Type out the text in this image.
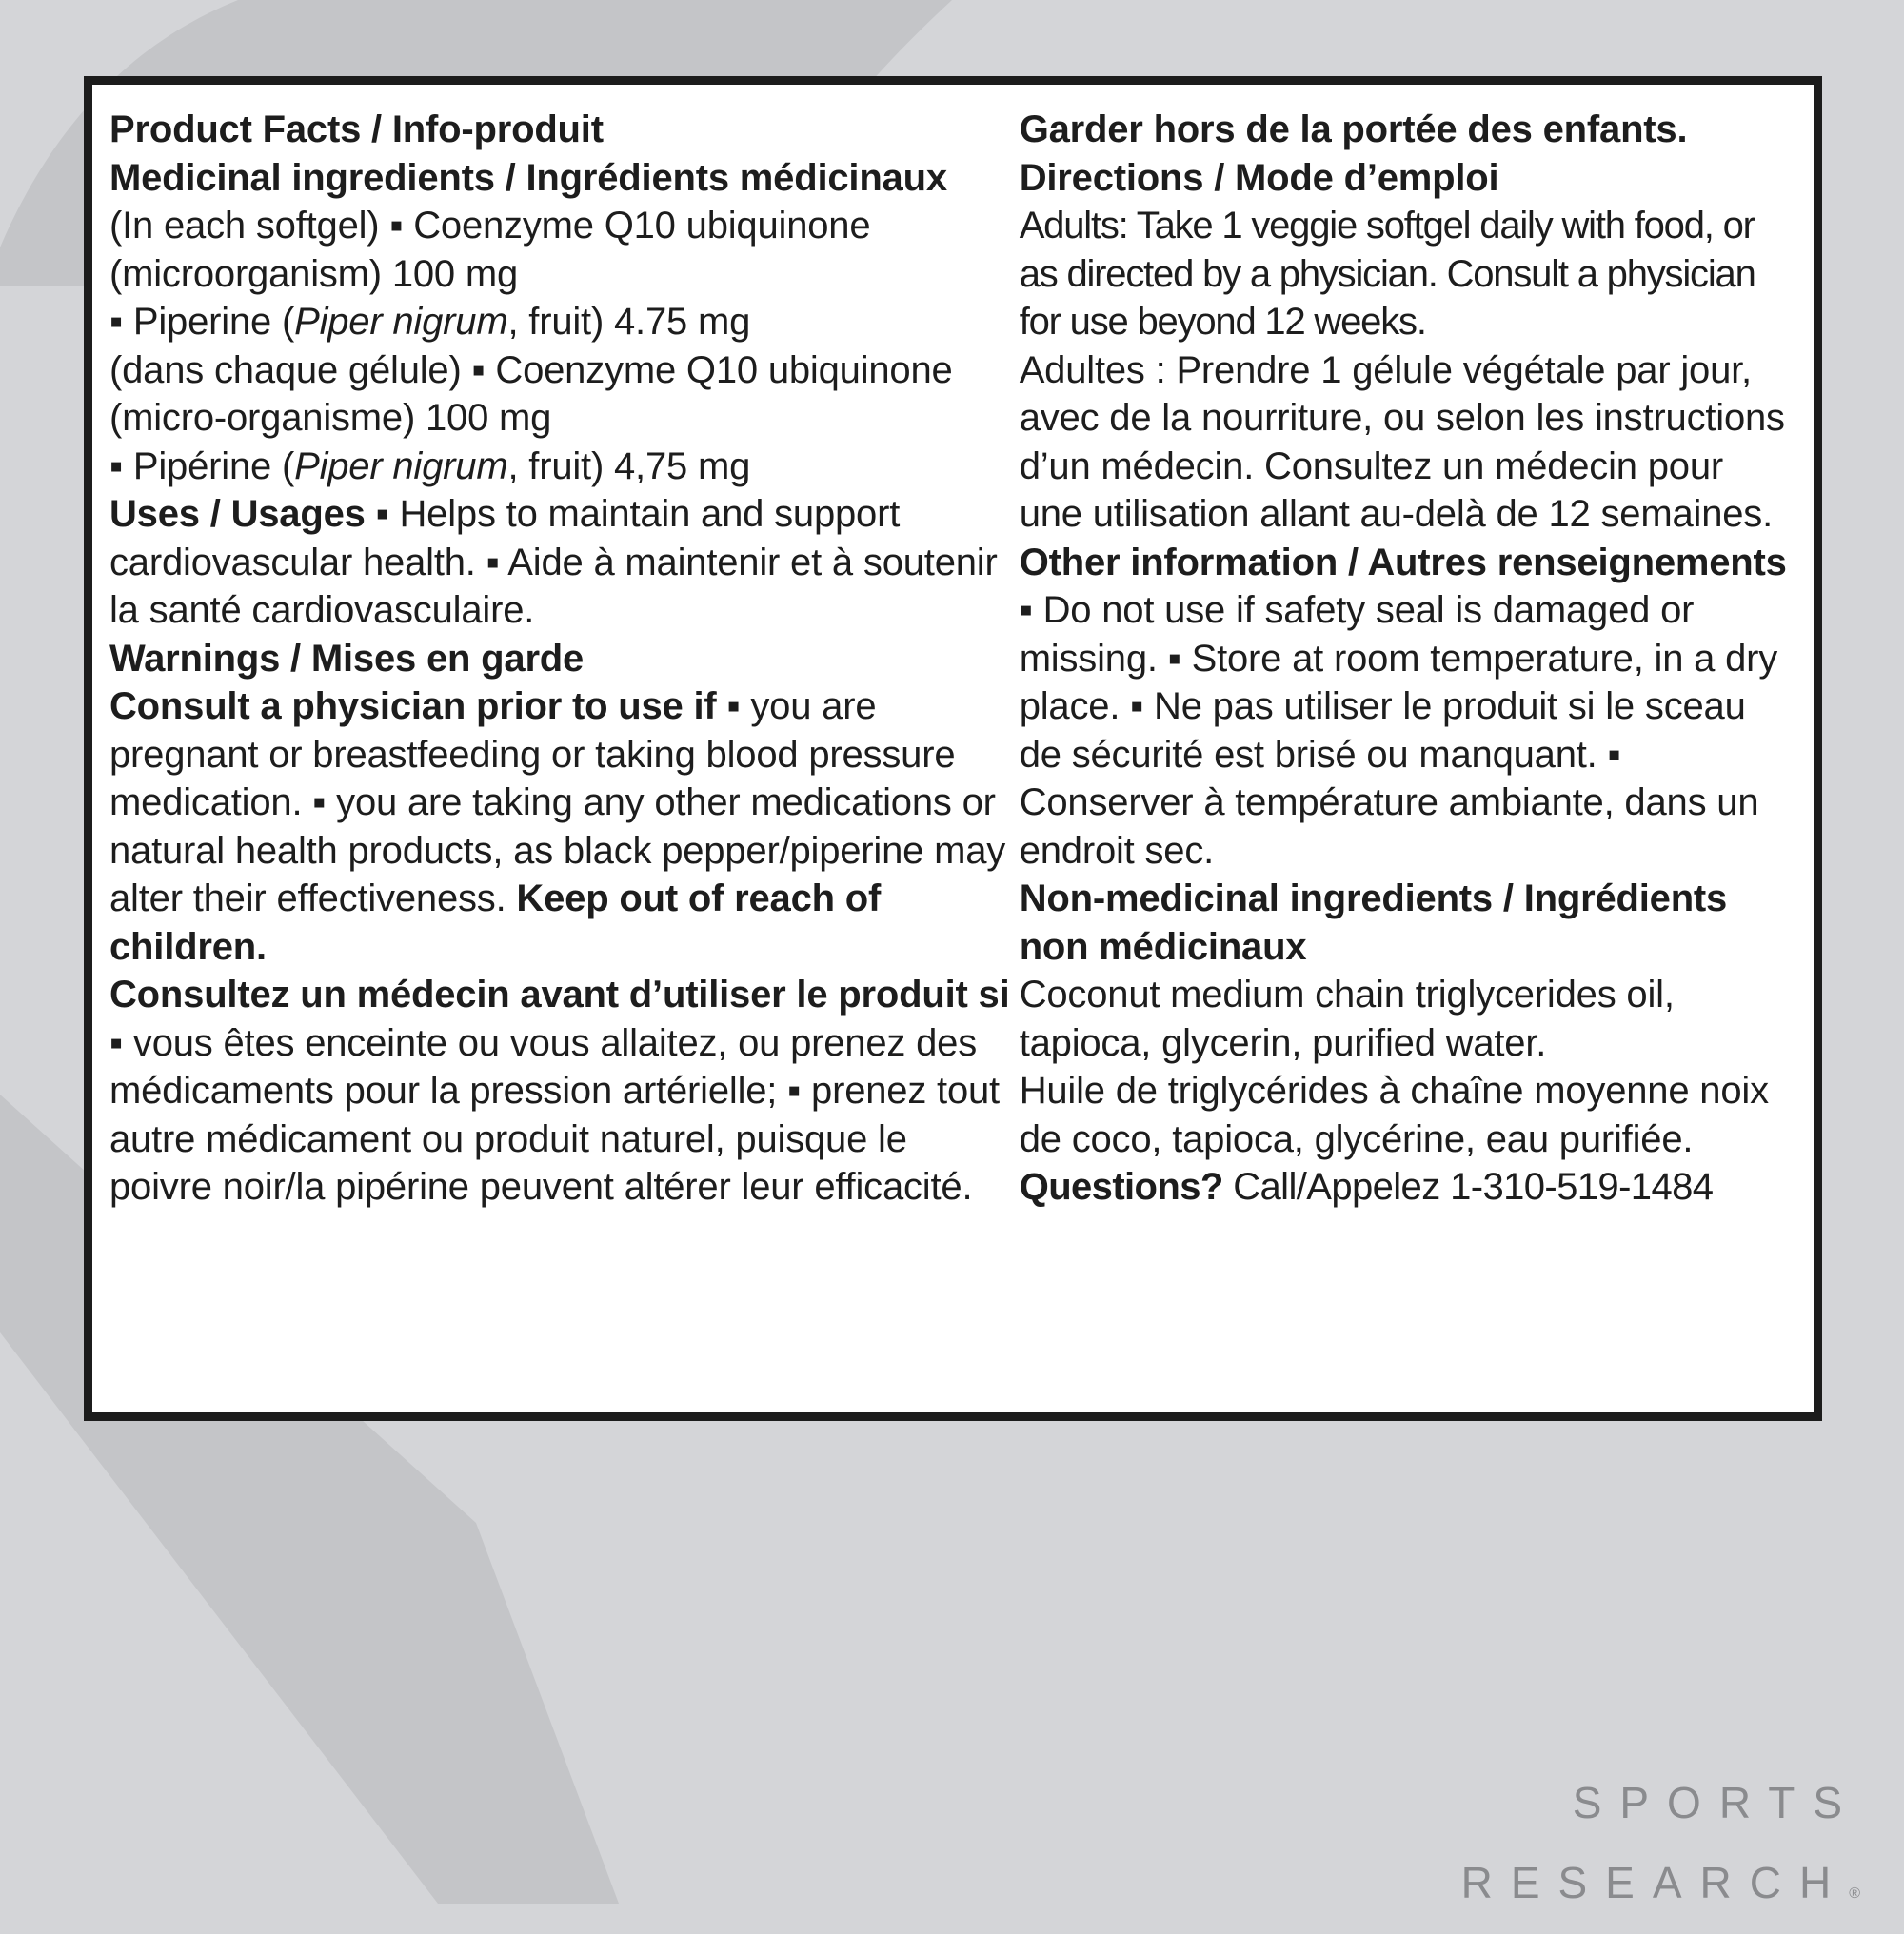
Product Facts / Info-produit

Medicinal ingredients / Ingrédients médicinaux

(In each softgel) ▪ Coenzyme Q10 ubiquinone (microorganism) 100 mg
▪ Piperine (Piper nigrum, fruit) 4.75 mg

(dans chaque gélule) ▪ Coenzyme Q10 ubiquinone (micro-organisme) 100 mg
▪ Pipérine (Piper nigrum, fruit) 4,75 mg

Uses / Usages ▪ Helps to maintain and support cardiovascular health. ▪ Aide à maintenir et à soutenir la santé cardiovasculaire.

Warnings / Mises en garde

Consult a physician prior to use if ▪ you are pregnant or breastfeeding or taking blood pressure medication. ▪ you are taking any other medications or natural health products, as black pepper/piperine may alter their effectiveness. Keep out of reach of children.

Consultez un médecin avant d’utiliser le produit si

▪ vous êtes enceinte ou vous allaitez, ou prenez des médicaments pour la pression artérielle; ▪ prenez tout autre médicament ou produit naturel, puisque le poivre noir/la pipérine peuvent altérer leur efficacité.

Garder hors de la portée des enfants.

Directions / Mode d’emploi

Adults: Take 1 veggie softgel daily with food, or as directed by a physician. Consult a physician for use beyond 12 weeks.

Adultes : Prendre 1 gélule végétale par jour, avec de la nourriture, ou selon les instructions d’un médecin. Consultez un médecin pour une utilisation allant au-delà de 12 semaines.

Other information / Autres renseignements

▪ Do not use if safety seal is damaged or missing. ▪ Store at room temperature, in a dry place. ▪ Ne pas utiliser le produit si le sceau de sécurité est brisé ou manquant. ▪ Conserver à température ambiante, dans un endroit sec.

Non-medicinal ingredients / Ingrédients non médicinaux

Coconut medium chain triglycerides oil, tapioca, glycerin, purified water.

Huile de triglycérides à chaîne moyenne noix de coco, tapioca, glycérine, eau purifiée.

Questions? Call/Appelez 1-310-519-1484

SPORTS
RESEARCH®
